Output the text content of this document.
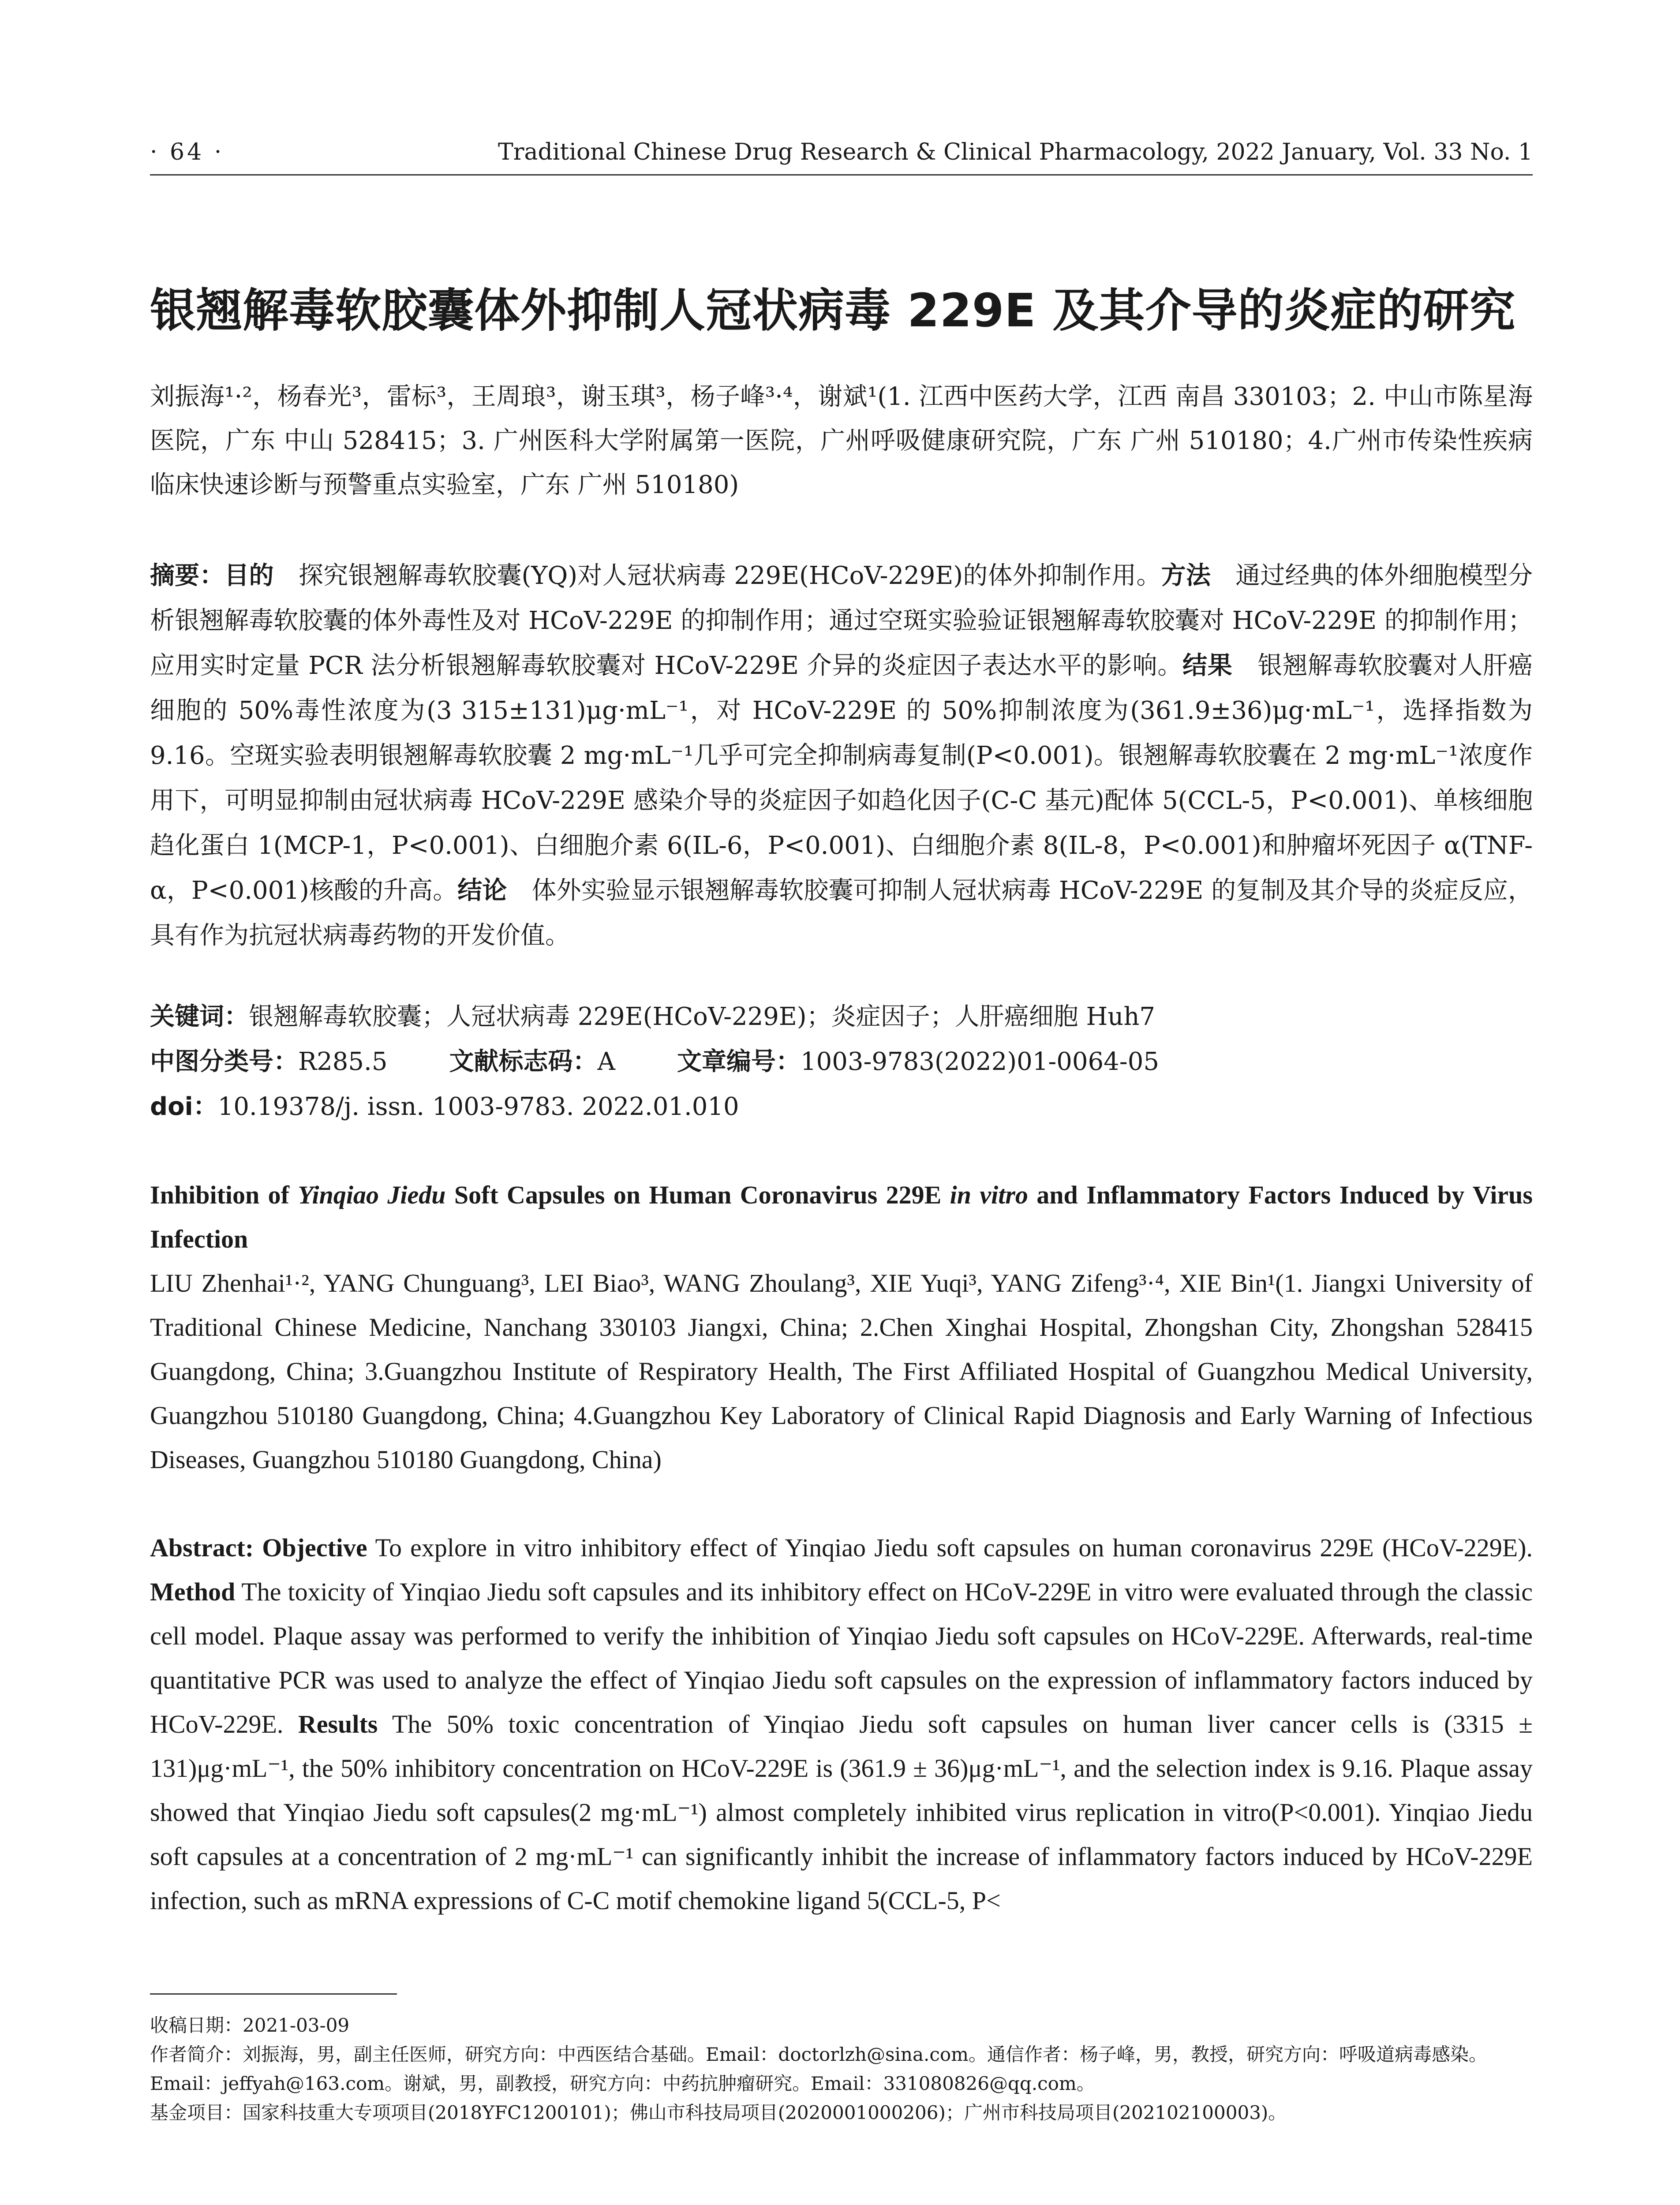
· 64 ·	Traditional Chinese Drug Research & Clinical Pharmacology, 2022 January, Vol. 33 No. 1
银翘解毒软胶囊体外抑制人冠状病毒 229E 及其介导的炎症的研究
刘振海¹·²，杨春光³，雷标³，王周琅³，谢玉琪³，杨子峰³·⁴，谢斌¹(1. 江西中医药大学，江西 南昌 330103；2. 中山市陈星海医院，广东 中山 528415；3. 广州医科大学附属第一医院，广州呼吸健康研究院，广东 广州 510180；4.广州市传染性疾病临床快速诊断与预警重点实验室，广东 广州 510180)
摘要：目的　 探究银翘解毒软胶囊(YQ)对人冠状病毒 229E(HCoV-229E)的体外抑制作用。方法　 通过经典的体外细胞模型分析银翘解毒软胶囊的体外毒性及对 HCoV-229E 的抑制作用；通过空斑实验验证银翘解毒软胶囊对 HCoV-229E 的抑制作用；应用实时定量 PCR 法分析银翘解毒软胶囊对 HCoV-229E 介异的炎症因子表达水平的影响。结果　 银翘解毒软胶囊对人肝癌细胞的 50%毒性浓度为(3 315±131)μg·mL⁻¹，对 HCoV-229E 的 50%抑制浓度为(361.9±36)μg·mL⁻¹，选择指数为 9.16。空斑实验表明银翘解毒软胶囊 2 mg·mL⁻¹几乎可完全抑制病毒复制(P<0.001)。银翘解毒软胶囊在 2 mg·mL⁻¹浓度作用下，可明显抑制由冠状病毒 HCoV-229E 感染介导的炎症因子如趋化因子(C-C 基元)配体 5(CCL-5，P<0.001)、单核细胞趋化蛋白 1(MCP-1，P<0.001)、白细胞介素 6(IL-6，P<0.001)、白细胞介素 8(IL-8，P<0.001)和肿瘤坏死因子 α(TNF-α，P<0.001)核酸的升高。结论　 体外实验显示银翘解毒软胶囊可抑制人冠状病毒 HCoV-229E 的复制及其介导的炎症反应，具有作为抗冠状病毒药物的开发价值。
关键词：银翘解毒软胶囊；人冠状病毒 229E(HCoV-229E)；炎症因子；人肝癌细胞 Huh7
中图分类号：R285.5	文献标志码：A	文章编号：1003-9783(2022)01-0064-05
doi：10.19378/j. issn. 1003-9783. 2022.01.010
Inhibition of Yinqiao Jiedu Soft Capsules on Human Coronavirus 229E in vitro and Inflammatory Factors Induced by Virus Infection
LIU Zhenhai¹·², YANG Chunguang³, LEI Biao³, WANG Zhoulang³, XIE Yuqi³, YANG Zifeng³·⁴, XIE Bin¹(1. Jiangxi University of Traditional Chinese Medicine, Nanchang 330103 Jiangxi, China; 2.Chen Xinghai Hospital, Zhongshan City, Zhongshan 528415 Guangdong, China; 3.Guangzhou Institute of Respiratory Health, The First Affiliated Hospital of Guangzhou Medical University, Guangzhou 510180 Guangdong, China; 4.Guangzhou Key Laboratory of Clinical Rapid Diagnosis and Early Warning of Infectious Diseases, Guangzhou 510180 Guangdong, China)
Abstract: Objective To explore in vitro inhibitory effect of Yinqiao Jiedu soft capsules on human coronavirus 229E (HCoV-229E). Method The toxicity of Yinqiao Jiedu soft capsules and its inhibitory effect on HCoV-229E in vitro were evaluated through the classic cell model. Plaque assay was performed to verify the inhibition of Yinqiao Jiedu soft capsules on HCoV-229E. Afterwards, real-time quantitative PCR was used to analyze the effect of Yinqiao Jiedu soft capsules on the expression of inflammatory factors induced by HCoV-229E. Results The 50% toxic concentration of Yinqiao Jiedu soft capsules on human liver cancer cells is (3315 ± 131)μg·mL⁻¹, the 50% inhibitory concentration on HCoV-229E is (361.9 ± 36)μg·mL⁻¹, and the selection index is 9.16. Plaque assay showed that Yinqiao Jiedu soft capsules(2 mg·mL⁻¹) almost completely inhibited virus replication in vitro(P<0.001). Yinqiao Jiedu soft capsules at a concentration of 2 mg·mL⁻¹ can significantly inhibit the increase of inflammatory factors induced by HCoV-229E infection, such as mRNA expressions of C-C motif chemokine ligand 5(CCL-5, P<

收稿日期：2021-03-09

作者简介：刘振海，男，副主任医师，研究方向：中西医结合基础。Email：doctorlzh@sina.com。通信作者：杨子峰，男，教授，研究方向：呼吸道病毒感染。Email：jeffyah@163.com。谢斌，男，副教授，研究方向：中药抗肿瘤研究。Email：331080826@qq.com。

基金项目：国家科技重大专项项目(2018YFC1200101)；佛山市科技局项目(2020001000206)；广州市科技局项目(202102100003)。
